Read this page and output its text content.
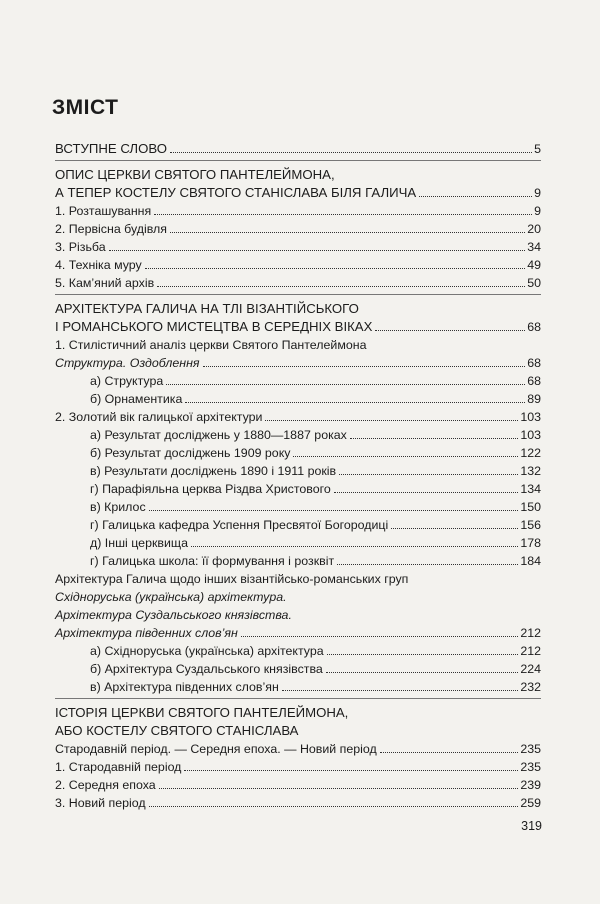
ЗМІСТ
ВСТУПНЕ СЛОВО	5
ОПИС ЦЕРКВИ СВЯТОГО ПАНТЕЛЕЙМОНА,
А ТЕПЕР КОСТЕЛУ СВЯТОГО СТАНІСЛАВА БІЛЯ ГАЛИЧА	9
1. Розташування	9
2. Первісна будівля	20
3. Різьба	34
4. Техніка муру	49
5. Кам’яний архів	50
АРХІТЕКТУРА ГАЛИЧА НА ТЛІ ВІЗАНТІЙСЬКОГО
І РОМАНСЬКОГО МИСТЕЦТВА В СЕРЕДНІХ ВІКАХ	68
1. Стилістичний аналіз церкви Святого Пантелеймона
Структура. Оздоблення	68
а) Структура	68
б) Орнаментика	89
2. Золотий вік галицької архітектури	103
а) Результат досліджень у 1880—1887 роках	103
б) Результат досліджень 1909 року	122
в) Результати досліджень 1890 і 1911 років	132
г) Парафіяльна церква Різдва Христового	134
в) Крилос	150
г) Галицька кафедра Успення Пресвятої Богородиці	156
д) Інші церквища	178
г) Галицька школа: її формування і розквіт	184
Архітектура Галича щодо інших візантійсько-романських груп
Східноруська (українська) архітектура.
Архітектура Суздальського князівства.
Архітектура південних слов’ян	212
а) Східноруська (українська) архітектура	212
б) Архітектура Суздальського князівства	224
в) Архітектура південних слов’ян	232
ІСТОРІЯ ЦЕРКВИ СВЯТОГО ПАНТЕЛЕЙМОНА,
АБО КОСТЕЛУ СВЯТОГО СТАНІСЛАВА
Стародавній період. — Середня епоха. — Новий період	235
1. Стародавній період	235
2. Середня епоха	239
3. Новий період	259
319
